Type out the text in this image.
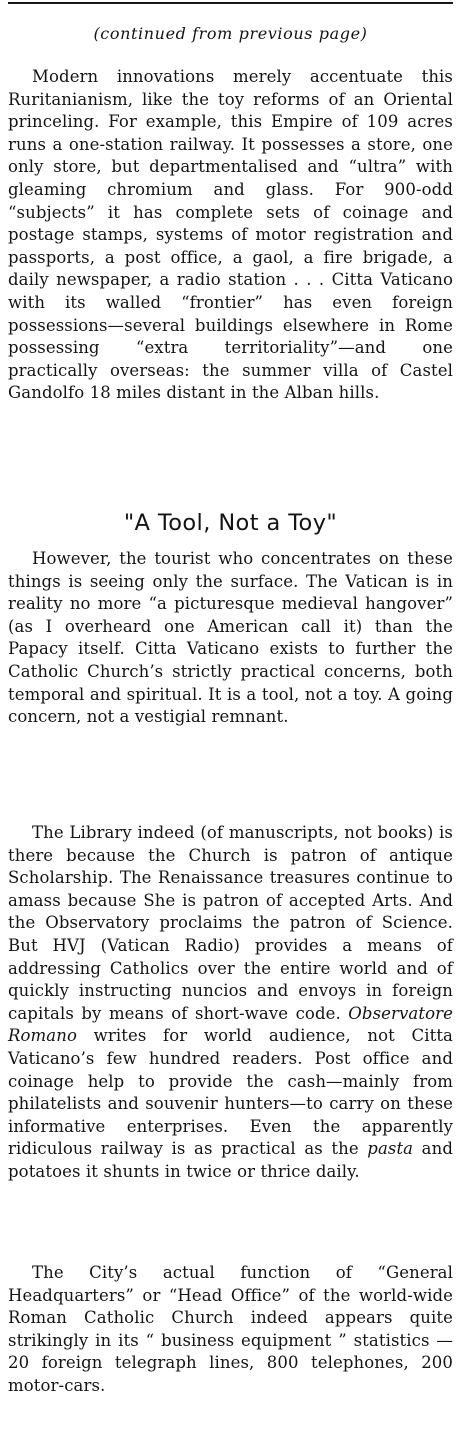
(continued from previous page)

Modern innovations merely accentuate this Ruritanianism, like the toy reforms of an Oriental princeling. For example, this Empire of 109 acres runs a one-station railway. It possesses a store, one only store, but departmentalised and “ultra” with gleaming chromium and glass. For 900-odd “subjects” it has complete sets of coinage and postage stamps, systems of motor registration and passports, a post office, a gaol, a fire brigade, a daily newspaper, a radio station . . . Citta Vaticano with its walled “frontier” has even foreign possessions—several buildings elsewhere in Rome possessing “extra territoriality”—and one practically overseas: the summer villa of Castel Gandolfo 18 miles distant in the Alban hills.

"A Tool, Not a Toy"

However, the tourist who concentrates on these things is seeing only the surface. The Vatican is in reality no more “a picturesque medieval hangover” (as I overheard one American call it) than the Papacy itself. Citta Vaticano exists to further the Catholic Church’s strictly practical concerns, both temporal and spiritual. It is a tool, not a toy. A going concern, not a vestigial remnant.

The Library indeed (of manuscripts, not books) is there because the Church is patron of antique Scholarship. The Renaissance treasures continue to amass because She is patron of accepted Arts. And the Observatory proclaims the patron of Science. But HVJ (Vatican Radio) provides a means of addressing Catholics over the entire world and of quickly instructing nuncios and envoys in foreign capitals by means of short-wave code. Observatore Romano writes for world audience, not Citta Vaticano’s few hundred readers. Post office and coinage help to provide the cash—mainly from philatelists and souvenir hunters—to carry on these informative enterprises. Even the apparently ridiculous railway is as practical as the pasta and potatoes it shunts in twice or thrice daily.

The City’s actual function of “General Headquarters” or “Head Office” of the world-wide Roman Catholic Church indeed appears quite strikingly in its “ business equipment ” statistics — 20 foreign telegraph lines, 800 telephones, 200 motor-cars.
